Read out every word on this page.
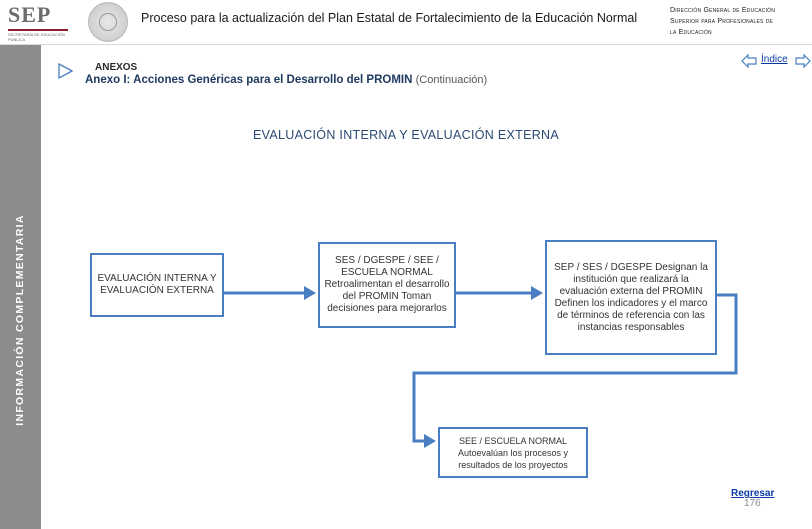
SEP
SECRETARÍA DE EDUCACIÓN PÚBLICA
Proceso para la actualización del Plan Estatal de Fortalecimiento de la Educación Normal
Dirección General de Educación
Superior para Profesionales de
la Educación
INFORMACIÓN COMPLEMENTARIA
ANEXOS
Anexo I: Acciones Genéricas para el Desarrollo del PROMIN (Continuación)
Índice
EVALUACIÓN INTERNA Y EVALUACIÓN EXTERNA
EVALUACIÓN INTERNA Y EVALUACIÓN EXTERNA
SES / DGESPE / SEE / ESCUELA NORMAL Retroalimentan el desarrollo del PROMIN Toman decisiones para mejorarlos
SEP / SES / DGESPE Designan la institución que realizará la evaluación externa del PROMIN Definen los indicadores y el marco de términos de referencia con las instancias responsables
SEE / ESCUELA NORMAL Autoevalúan los procesos y resultados de los proyectos
Regresar
176
